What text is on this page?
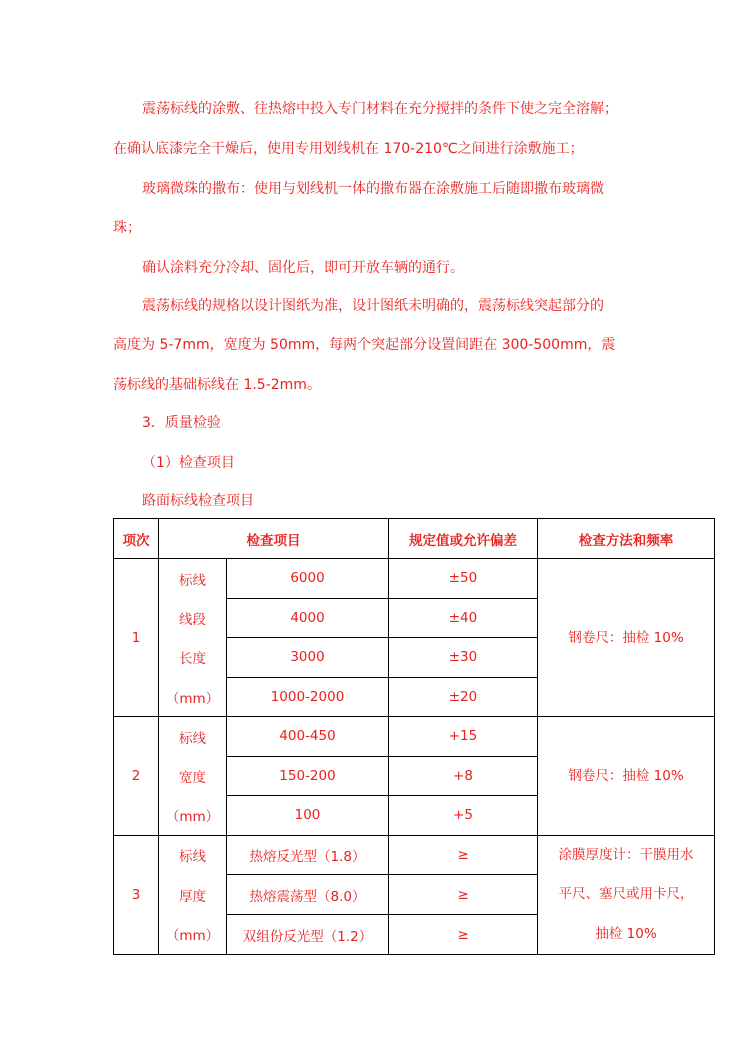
震荡标线的涂敷、往热熔中投入专门材料在充分搅拌的条件下使之完全溶解；
在确认底漆完全干燥后，使用专用划线机在 170-210℃之间进行涂敷施工；
玻璃微珠的撒布：使用与划线机一体的撒布器在涂敷施工后随即撒布玻璃微
珠；
确认涂料充分冷却、固化后，即可开放车辆的通行。
震荡标线的规格以设计图纸为准，设计图纸未明确的，震荡标线突起部分的
高度为 5-7mm，宽度为 50mm，每两个突起部分设置间距在 300-500mm，震
荡标线的基础标线在 1.5-2mm。
3．质量检验
（1）检查项目
路面标线检查项目
项次	检查项目		规定值或允许偏差	检查方法和频率
1	标线	6000	±50	钢卷尺：抽检 10%
	线段	4000	±40	
	长度	3000	±30	
	（mm）	1000-2000	±20	
2	标线	400-450	+15	钢卷尺：抽检 10%
	宽度	150-200	+8	
	（mm）	100	+5	
3	标线	热熔反光型（1.8）	≥	涂膜厚度计：干膜用水
平尺、塞尺或用卡尺，
抽检 10%

	厚度	热熔震荡型（8.0）	≥	
	（mm）	双组份反光型（1.2）	≥	
